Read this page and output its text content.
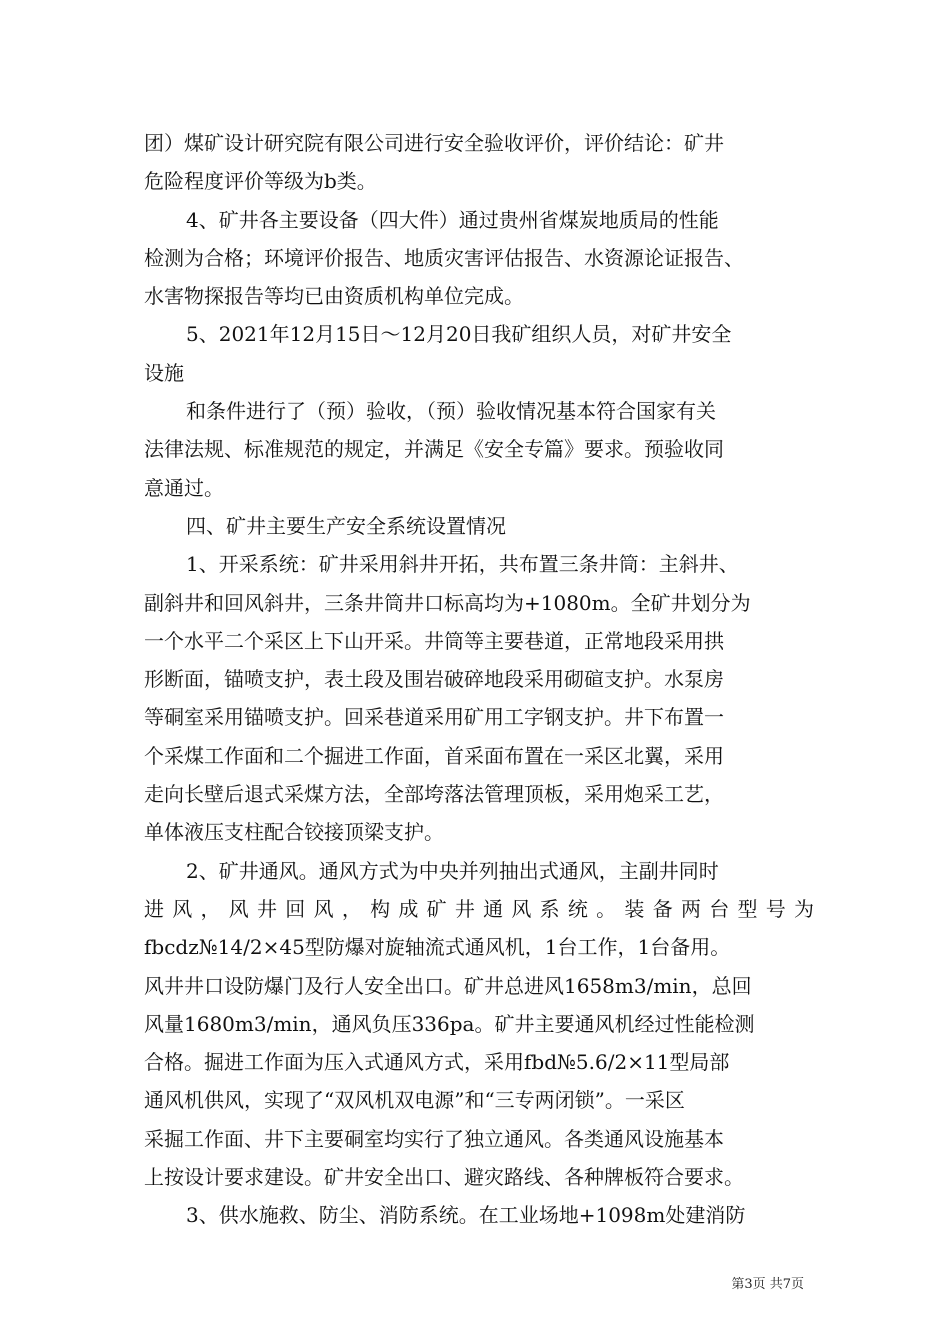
团）煤矿设计研究院有限公司进行安全验收评价，评价结论：矿井
危险程度评价等级为b类。
4、矿井各主要设备（四大件）通过贵州省煤炭地质局的性能
检测为合格；环境评价报告、地质灾害评估报告、水资源论证报告、
水害物探报告等均已由资质机构单位完成。
5、2021年12月15日～12月20日我矿组织人员，对矿井安全
设施
和条件进行了（预）验收，（预）验收情况基本符合国家有关
法律法规、标准规范的规定，并满足《安全专篇》要求。预验收同
意通过。
四、矿井主要生产安全系统设置情况
1、开采系统：矿井采用斜井开拓，共布置三条井筒：主斜井、
副斜井和回风斜井，三条井筒井口标高均为+1080m。全矿井划分为
一个水平二个采区上下山开采。井筒等主要巷道，正常地段采用拱
形断面，锚喷支护，表土段及围岩破碎地段采用砌碹支护。水泵房
等硐室采用锚喷支护。回采巷道采用矿用工字钢支护。井下布置一
个采煤工作面和二个掘进工作面，首采面布置在一采区北翼，采用
走向长壁后退式采煤方法，全部垮落法管理顶板，采用炮采工艺，
单体液压支柱配合铰接顶梁支护。
2、矿井通风。通风方式为中央并列抽出式通风，主副井同时
进风，风井回风，构成矿井通风系统。装备两台型号为
fbcdz№14/2×45型防爆对旋轴流式通风机，1台工作，1台备用。
风井井口设防爆门及行人安全出口。矿井总进风1658m3/min，总回
风量1680m3/min，通风负压336pa。矿井主要通风机经过性能检测
合格。掘进工作面为压入式通风方式，采用fbd№5.6/2×11型局部
通风机供风，实现了“双风机双电源”和“三专两闭锁”。一采区
采掘工作面、井下主要硐室均实行了独立通风。各类通风设施基本
上按设计要求建设。矿井安全出口、避灾路线、各种牌板符合要求。
3、供水施救、防尘、消防系统。在工业场地+1098m处建消防
第3页 共7页
